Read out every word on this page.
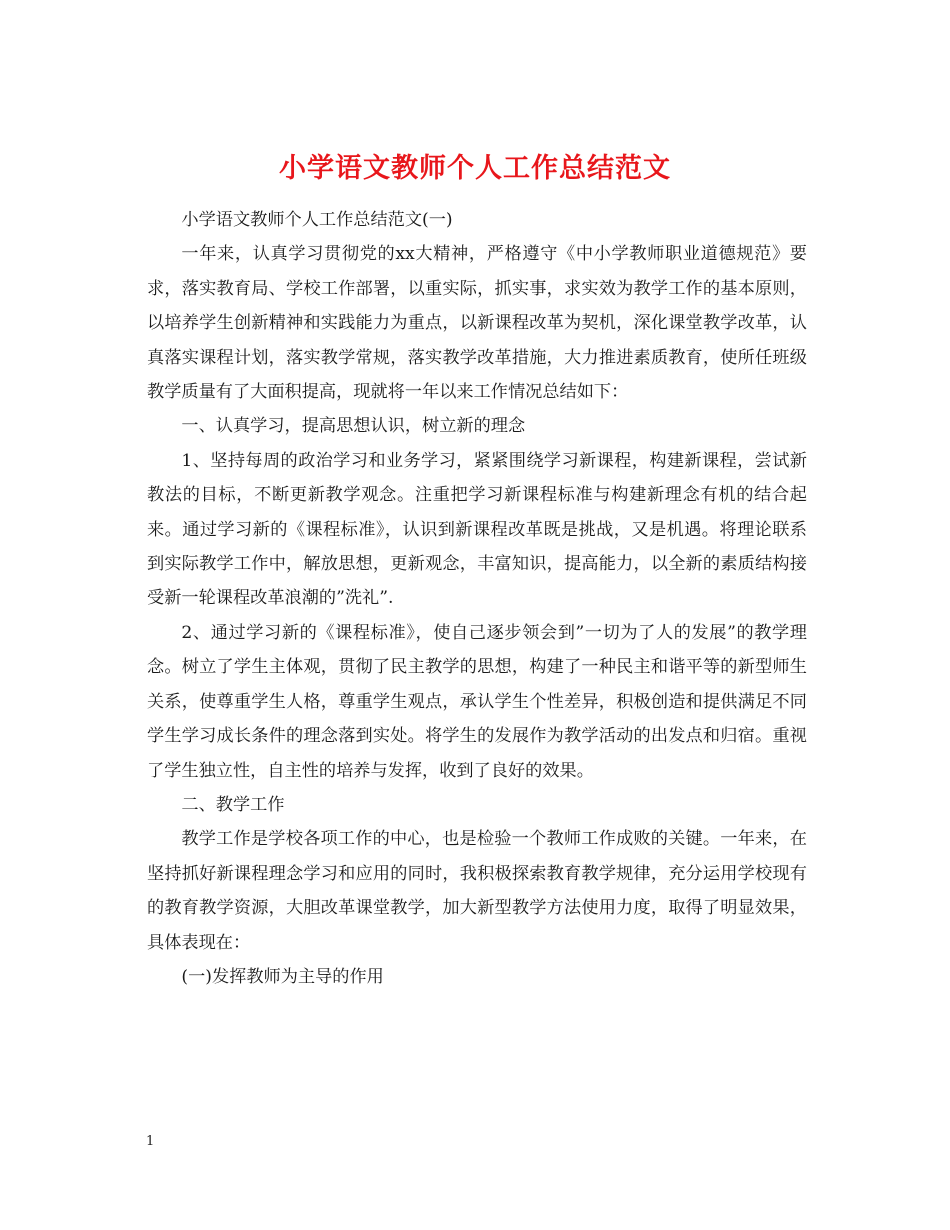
小学语文教师个人工作总结范文

小学语文教师个人工作总结范文(一)

一年来，认真学习贯彻党的xx大精神，严格遵守《中小学教师职业道德规范》要求，落实教育局、学校工作部署，以重实际，抓实事，求实效为教学工作的基本原则，以培养学生创新精神和实践能力为重点，以新课程改革为契机，深化课堂教学改革，认真落实课程计划，落实教学常规，落实教学改革措施，大力推进素质教育，使所任班级教学质量有了大面积提高，现就将一年以来工作情况总结如下：

一、认真学习，提高思想认识，树立新的理念

1、坚持每周的政治学习和业务学习，紧紧围绕学习新课程，构建新课程，尝试新教法的目标，不断更新教学观念。注重把学习新课程标准与构建新理念有机的结合起来。通过学习新的《课程标准》，认识到新课程改革既是挑战，又是机遇。将理论联系到实际教学工作中，解放思想，更新观念，丰富知识，提高能力，以全新的素质结构接受新一轮课程改革浪潮的”洗礼”.

2、通过学习新的《课程标准》，使自己逐步领会到”一切为了人的发展”的教学理念。树立了学生主体观，贯彻了民主教学的思想，构建了一种民主和谐平等的新型师生关系，使尊重学生人格，尊重学生观点，承认学生个性差异，积极创造和提供满足不同学生学习成长条件的理念落到实处。将学生的发展作为教学活动的出发点和归宿。重视了学生独立性，自主性的培养与发挥，收到了良好的效果。

二、教学工作

教学工作是学校各项工作的中心，也是检验一个教师工作成败的关键。一年来，在坚持抓好新课程理念学习和应用的同时，我积极探索教育教学规律，充分运用学校现有的教育教学资源，大胆改革课堂教学，加大新型教学方法使用力度，取得了明显效果，具体表现在：

(一)发挥教师为主导的作用

1
